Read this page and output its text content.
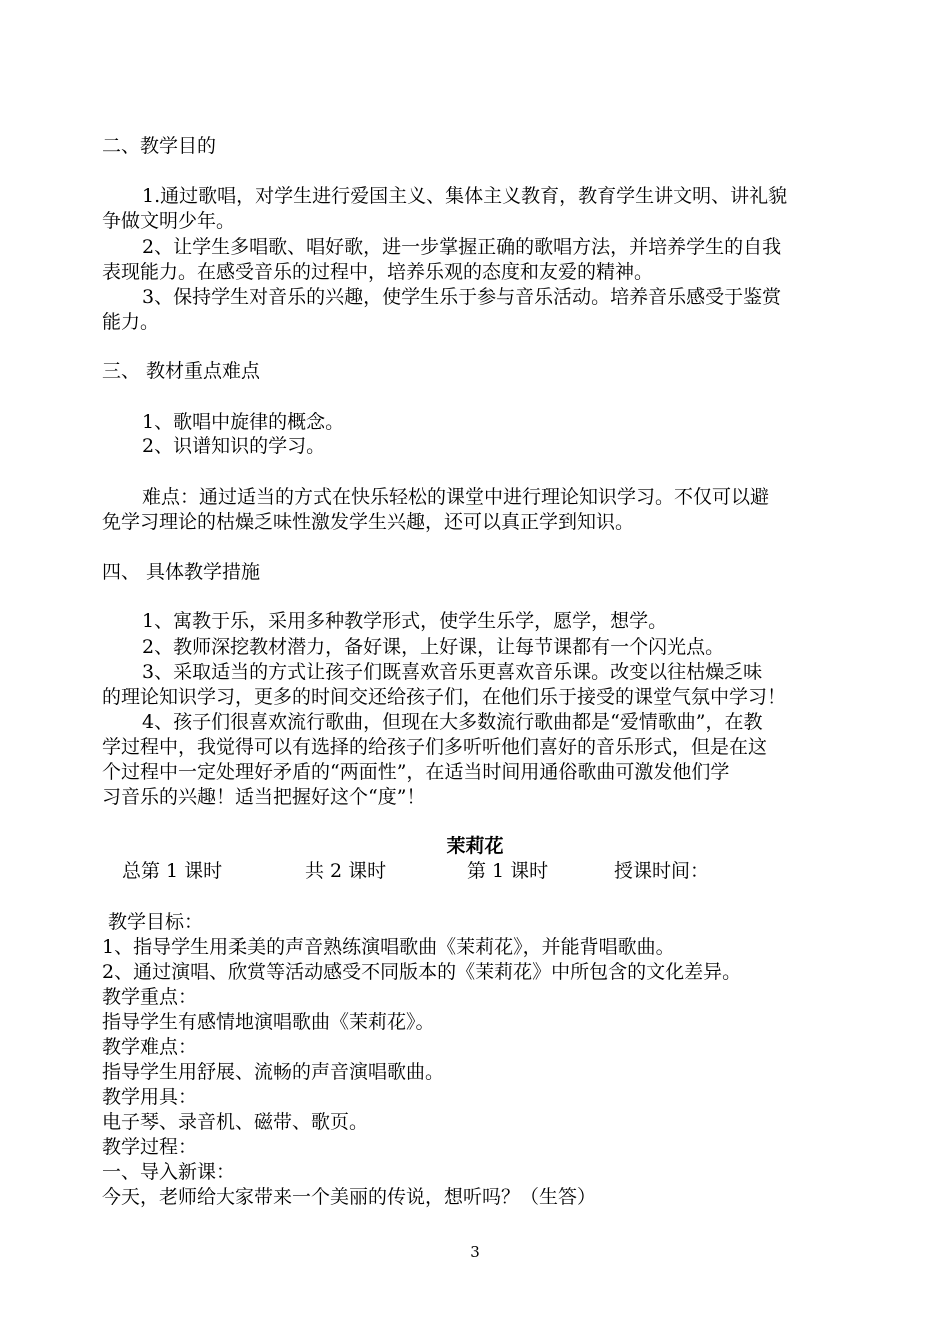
二、教学目的
1.通过歌唱，对学生进行爱国主义、集体主义教育，教育学生讲文明、讲礼貌
争做文明少年。
2、让学生多唱歌、唱好歌，进一步掌握正确的歌唱方法，并培养学生的自我
表现能力。在感受音乐的过程中，培养乐观的态度和友爱的精神。
3、保持学生对音乐的兴趣，使学生乐于参与音乐活动。培养音乐感受于鉴赏
能力。
三、 教材重点难点
1、歌唱中旋律的概念。
2、识谱知识的学习。
难点：通过适当的方式在快乐轻松的课堂中进行理论知识学习。不仅可以避
免学习理论的枯燥乏味性激发学生兴趣，还可以真正学到知识。
四、 具体教学措施
1、寓教于乐，采用多种教学形式，使学生乐学，愿学，想学。
2、教师深挖教材潜力，备好课，上好课，让每节课都有一个闪光点。
3、采取适当的方式让孩子们既喜欢音乐更喜欢音乐课。改变以往枯燥乏味
的理论知识学习，更多的时间交还给孩子们，在他们乐于接受的课堂气氛中学习！
4、孩子们很喜欢流行歌曲，但现在大多数流行歌曲都是“爱情歌曲”，在教
学过程中，我觉得可以有选择的给孩子们多听听他们喜好的音乐形式，但是在这
个过程中一定处理好矛盾的“两面性”，在适当时间用通俗歌曲可激发他们学
习音乐的兴趣！适当把握好这个“度”！
茉莉花
总第 1 课时	共 2 课时	第 1 课时	授课时间：
教学目标：
1、指导学生用柔美的声音熟练演唱歌曲《茉莉花》，并能背唱歌曲。
2、通过演唱、欣赏等活动感受不同版本的《茉莉花》中所包含的文化差异。
教学重点：
指导学生有感情地演唱歌曲《茉莉花》。
教学难点：
指导学生用舒展、流畅的声音演唱歌曲。
教学用具：
电子琴、录音机、磁带、歌页。
教学过程：
一、导入新课：
今天，老师给大家带来一个美丽的传说，想听吗？（生答）
3
